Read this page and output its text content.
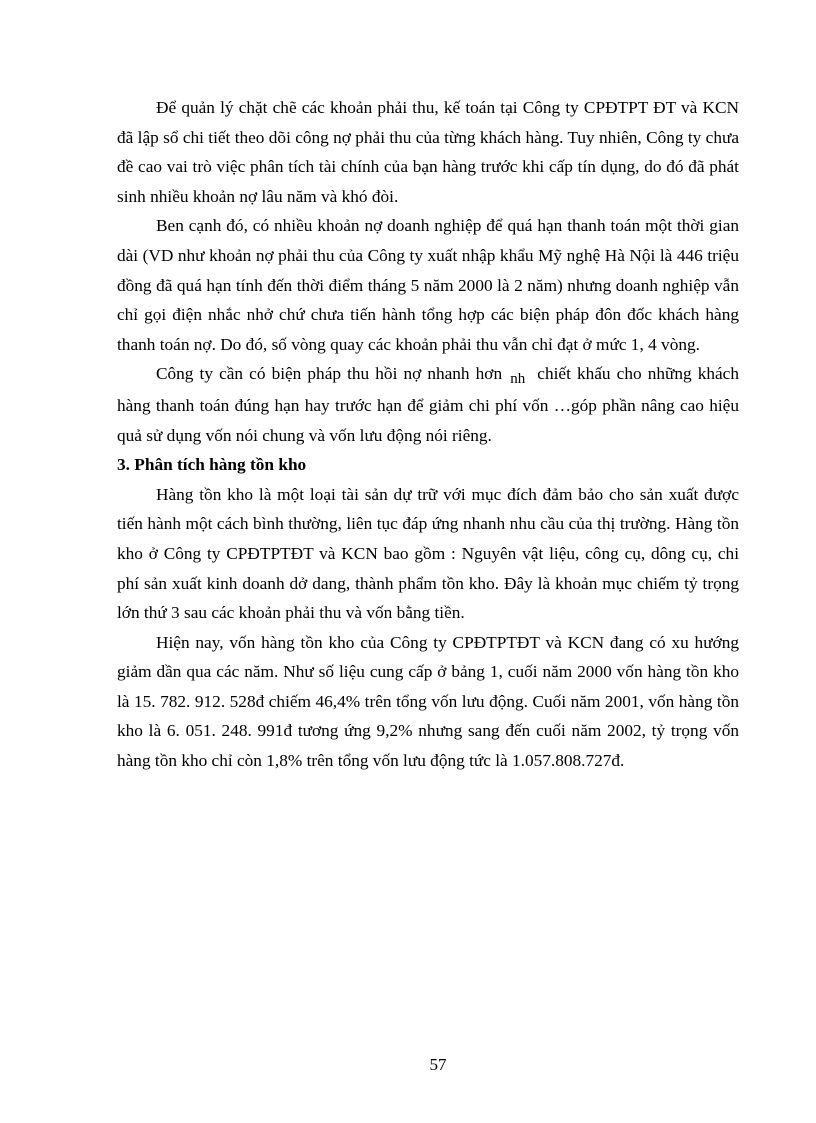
Để quản lý chặt chẽ các khoản phải thu, kế toán tại Công ty CPĐTPT ĐT và KCN đã lập sổ chi tiết theo dõi công nợ phải thu của từng khách hàng. Tuy nhiên, Công ty chưa đề cao vai trò việc phân tích tài chính của bạn hàng trước khi cấp tín dụng, do đó đã phát sinh nhiều khoản nợ lâu năm và khó đòi.

Ben cạnh đó, có nhiều khoản nợ doanh nghiệp để quá hạn thanh toán một thời gian dài (VD như khoản nợ phải thu của Công ty xuất nhập khẩu Mỹ nghệ Hà Nội là 446 triệu đồng đã quá hạn tính đến thời điểm tháng 5 năm 2000 là 2 năm) nhưng doanh nghiệp vẫn chỉ gọi điện nhắc nhở chứ chưa tiến hành tổng hợp các biện pháp đôn đốc khách hàng thanh toán nợ. Do đó, số vòng quay các khoản phải thu vẫn chỉ đạt ở mức 1, 4 vòng.

Công ty cần có biện pháp thu hồi nợ nhanh hơn nh chiết khấu cho những khách hàng thanh toán đúng hạn hay trước hạn để giảm chi phí vốn …góp phần nâng cao hiệu quả sử dụng vốn nói chung và vốn lưu động nói riêng.

3. Phân tích hàng tồn kho

Hàng tồn kho là một loại tài sản dự trữ với mục đích đảm bảo cho sản xuất được tiến hành một cách bình thường, liên tục đáp ứng nhanh nhu cầu của thị trường. Hàng tồn kho ở Công ty CPĐTPTĐT và KCN bao gồm : Nguyên vật liệu, công cụ, dông cụ, chi phí sản xuất kinh doanh dở dang, thành phẩm tồn kho. Đây là khoản mục chiếm tỷ trọng lớn thứ 3 sau các khoản phải thu và vốn bằng tiền.

Hiện nay, vốn hàng tồn kho của Công ty CPĐTPTĐT và KCN đang có xu hướng giảm dần qua các năm. Như số liệu cung cấp ở bảng 1, cuối năm 2000 vốn hàng tồn kho là 15. 782. 912. 528đ chiếm 46,4% trên tổng vốn lưu động. Cuối năm 2001, vốn hàng tồn kho là 6. 051. 248. 991đ tương ứng 9,2% nhưng sang đến cuối năm 2002, tỷ trọng vốn hàng tồn kho chỉ còn 1,8% trên tổng vốn lưu động tức là 1.057.808.727đ.

57
